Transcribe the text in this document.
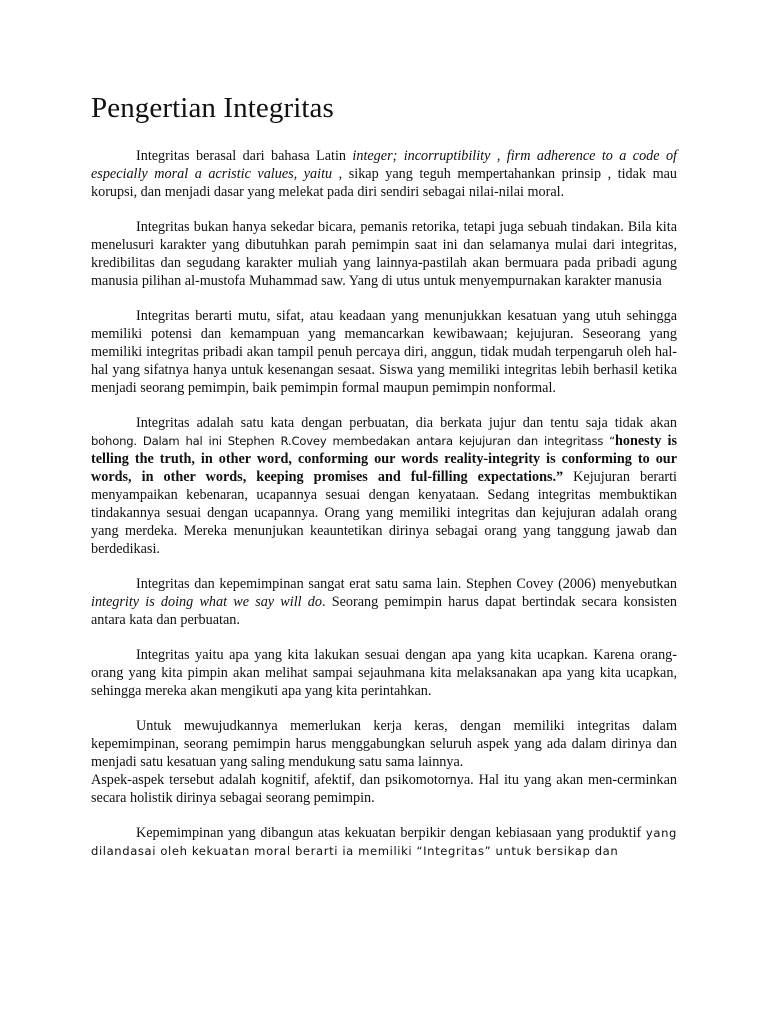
Pengertian Integritas

Integritas berasal dari bahasa Latin integer; incorruptibility , firm adherence to a code of especially moral a acristic values, yaitu , sikap yang teguh mempertahankan prinsip , tidak mau korupsi, dan menjadi dasar yang melekat pada diri sendiri sebagai nilai-nilai moral.

Integritas bukan hanya sekedar bicara, pemanis retorika, tetapi juga sebuah tindakan. Bila kita menelusuri karakter yang dibutuhkan parah pemimpin saat ini dan selamanya mulai dari integritas, kredibilitas dan segudang karakter muliah yang lainnya-pastilah akan bermuara pada pribadi agung manusia pilihan al-mustofa Muhammad saw. Yang di utus untuk menyempurnakan karakter manusia

Integritas berarti mutu, sifat, atau keadaan yang menunjukkan kesatuan yang utuh sehingga memiliki potensi dan kemampuan yang memancarkan kewibawaan; kejujuran. Seseorang yang memiliki integritas pribadi akan tampil penuh percaya diri, anggun, tidak mudah terpengaruh oleh hal-hal yang sifatnya hanya untuk kesenangan sesaat. Siswa yang memiliki integritas lebih berhasil ketika menjadi seorang pemimpin, baik pemimpin formal maupun pemimpin nonformal.

Integritas adalah satu kata dengan perbuatan, dia berkata jujur dan tentu saja tidak akan bohong. Dalam hal ini Stephen R.Covey membedakan antara kejujuran dan integritass “honesty is telling the truth, in other word, conforming our words reality-integrity is conforming to our words, in other words, keeping promises and ful-filling expectations.” Kejujuran berarti menyampaikan kebenaran, ucapannya sesuai dengan kenyataan. Sedang integritas membuktikan tindakannya sesuai dengan ucapannya. Orang yang memiliki integritas dan kejujuran adalah orang yang merdeka. Mereka menunjukan keauntetikan dirinya sebagai orang yang tanggung jawab dan berdedikasi.

Integritas dan kepemimpinan sangat erat satu sama lain. Stephen Covey (2006) menyebutkan integrity is doing what we say will do. Seorang pemimpin harus dapat bertindak secara konsisten antara kata dan perbuatan.

Integritas yaitu apa yang kita lakukan sesuai dengan apa yang kita ucapkan. Karena orang-orang yang kita pimpin akan melihat sampai sejauhmana kita melaksanakan apa yang kita ucapkan, sehingga mereka akan mengikuti apa yang kita perintahkan.

Untuk mewujudkannya memerlukan kerja keras, dengan memiliki integritas dalam kepemimpinan, seorang pemimpin harus menggabungkan seluruh aspek yang ada dalam dirinya dan menjadi satu kesatuan yang saling mendukung satu sama lainnya.

Aspek-aspek tersebut adalah kognitif, afektif, dan psikomotornya. Hal itu yang akan men-cerminkan secara holistik dirinya sebagai seorang pemimpin.

Kepemimpinan yang dibangun atas kekuatan berpikir dengan kebiasaan yang produktif yang dilandasai oleh kekuatan moral berarti ia memiliki “Integritas” untuk bersikap dan
